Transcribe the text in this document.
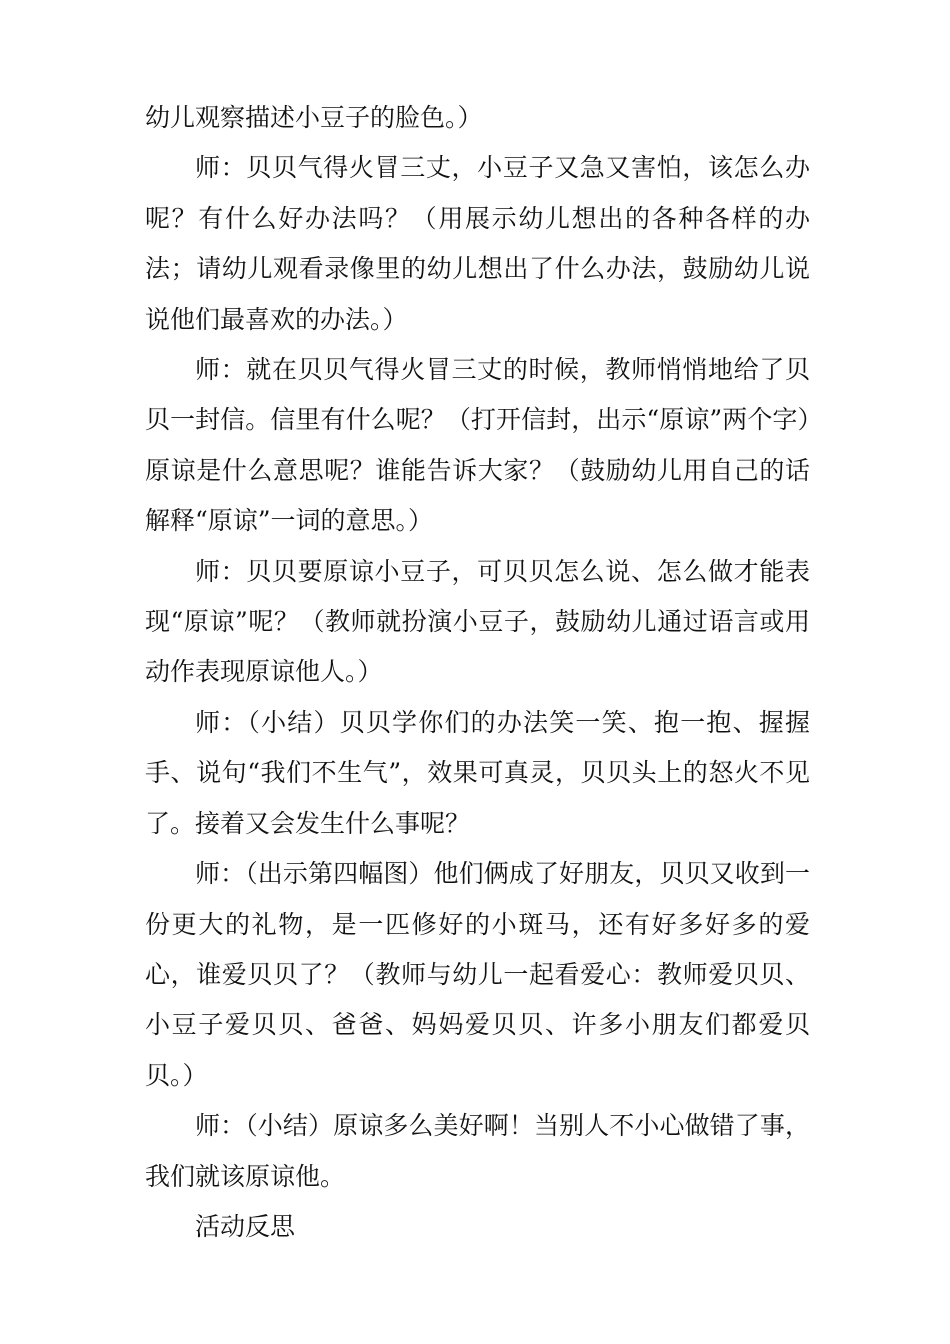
幼儿观察描述小豆子的脸色。）

师：贝贝气得火冒三丈，小豆子又急又害怕，该怎么办呢？有什么好办法吗？（用展示幼儿想出的各种各样的办法；请幼儿观看录像里的幼儿想出了什么办法，鼓励幼儿说说他们最喜欢的办法。）

师：就在贝贝气得火冒三丈的时候，教师悄悄地给了贝贝一封信。信里有什么呢？（打开信封，出示“原谅”两个字）原谅是什么意思呢？谁能告诉大家？（鼓励幼儿用自己的话解释“原谅”一词的意思。）

师：贝贝要原谅小豆子，可贝贝怎么说、怎么做才能表现“原谅”呢？（教师就扮演小豆子，鼓励幼儿通过语言或用动作表现原谅他人。）

师：（小结）贝贝学你们的办法笑一笑、抱一抱、握握手、说句“我们不生气”，效果可真灵，贝贝头上的怒火不见了。接着又会发生什么事呢？

师：（出示第四幅图）他们俩成了好朋友，贝贝又收到一份更大的礼物，是一匹修好的小斑马，还有好多好多的爱心，谁爱贝贝了？（教师与幼儿一起看爱心：教师爱贝贝、小豆子爱贝贝、爸爸、妈妈爱贝贝、许多小朋友们都爱贝贝。）

师：（小结）原谅多么美好啊！当别人不小心做错了事，我们就该原谅他。

活动反思
